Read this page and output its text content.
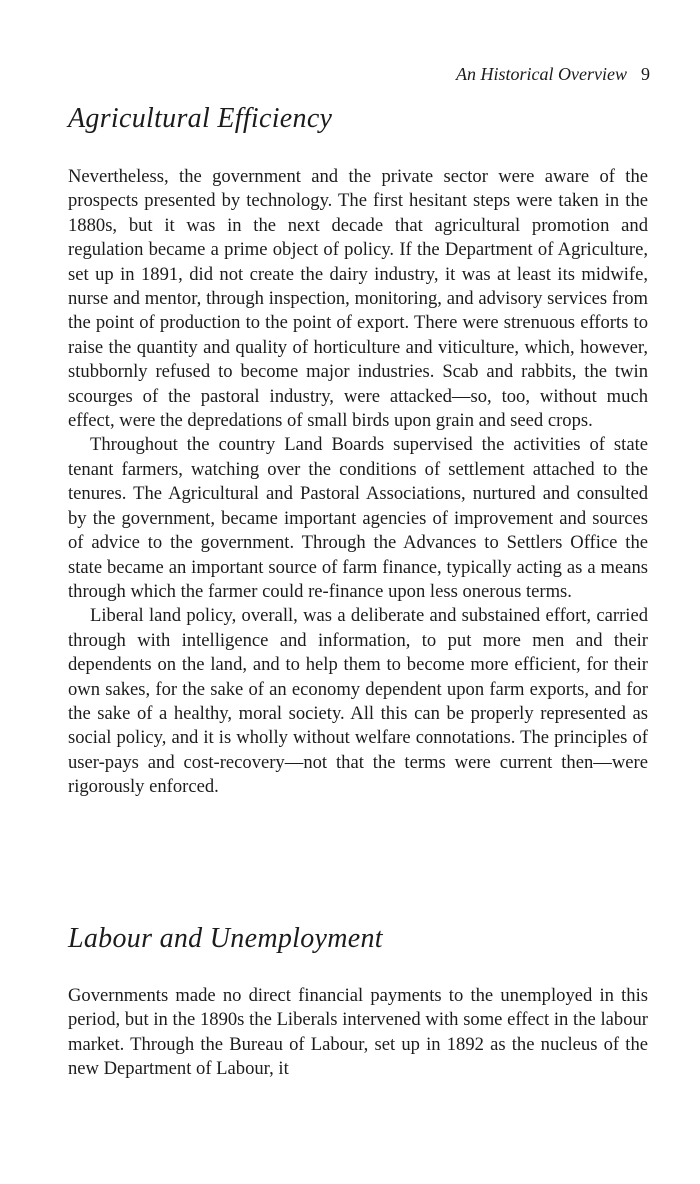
An Historical Overview 9
Agricultural Efficiency

Nevertheless, the government and the private sector were aware of the prospects presented by technology. The first hesitant steps were taken in the 1880s, but it was in the next decade that agricultural promotion and regulation became a prime object of policy. If the Department of Agriculture, set up in 1891, did not create the dairy industry, it was at least its midwife, nurse and mentor, through inspection, monitoring, and advisory services from the point of production to the point of export. There were strenuous efforts to raise the quantity and quality of horticulture and viticulture, which, however, stubbornly refused to become major industries. Scab and rabbits, the twin scourges of the pastoral industry, were attacked—so, too, without much effect, were the depredations of small birds upon grain and seed crops.

Throughout the country Land Boards supervised the activities of state tenant farmers, watching over the conditions of settlement attached to the tenures. The Agricultural and Pastoral Associations, nurtured and consulted by the government, became important agencies of improvement and sources of advice to the government. Through the Advances to Settlers Office the state became an important source of farm finance, typically acting as a means through which the farmer could re-finance upon less onerous terms.

Liberal land policy, overall, was a deliberate and substained effort, carried through with intelligence and information, to put more men and their dependents on the land, and to help them to become more efficient, for their own sakes, for the sake of an economy dependent upon farm exports, and for the sake of a healthy, moral society. All this can be properly represented as social policy, and it is wholly without welfare connotations. The principles of user-pays and cost-recovery—not that the terms were current then—were rigorously enforced.

Labour and Unemployment

Governments made no direct financial payments to the unemployed in this period, but in the 1890s the Liberals intervened with some effect in the labour market. Through the Bureau of Labour, set up in 1892 as the nucleus of the new Department of Labour, it
